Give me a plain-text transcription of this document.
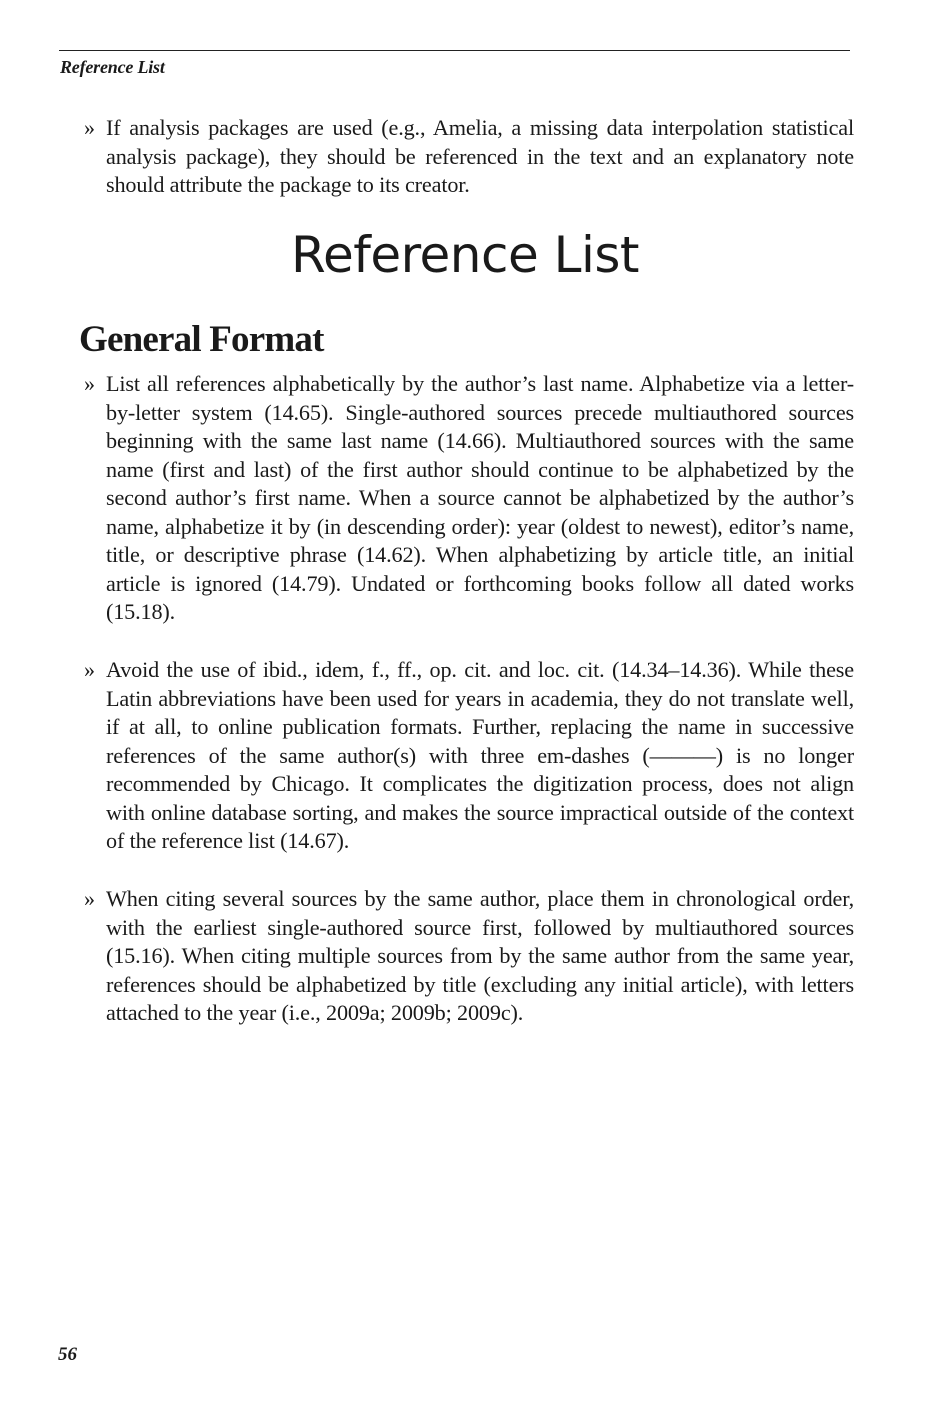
Reference List
» If analysis packages are used (e.g., Amelia, a missing data interpolation statistical analysis package), they should be referenced in the text and an explanatory note should attribute the package to its creator.
Reference List
General Format
» List all references alphabetically by the author’s last name. Alphabetize via a letter-by-letter system (14.65). Single-authored sources precede multiauthored sources beginning with the same last name (14.66). Multiauthored sources with the same name (first and last) of the first author should continue to be alphabetized by the second author’s first name. When a source cannot be alphabetized by the author’s name, alphabetize it by (in descending order): year (oldest to newest), editor’s name, title, or descriptive phrase (14.62). When alphabetizing by article title, an initial article is ignored (14.79). Undated or forthcoming books follow all dated works (15.18).
» Avoid the use of ibid., idem, f., ff., op. cit. and loc. cit. (14.34–14.36). While these Latin abbreviations have been used for years in academia, they do not translate well, if at all, to online publication formats. Further, replacing the name in successive references of the same author(s) with three em-dashes (———) is no longer recommended by Chicago. It complicates the digitization process, does not align with online database sorting, and makes the source impractical outside of the context of the reference list (14.67).
» When citing several sources by the same author, place them in chronological order, with the earliest single-authored source first, followed by multiauthored sources (15.16). When citing multiple sources from by the same author from the same year, references should be alphabetized by title (excluding any initial article), with letters attached to the year (i.e., 2009a; 2009b; 2009c).
56
